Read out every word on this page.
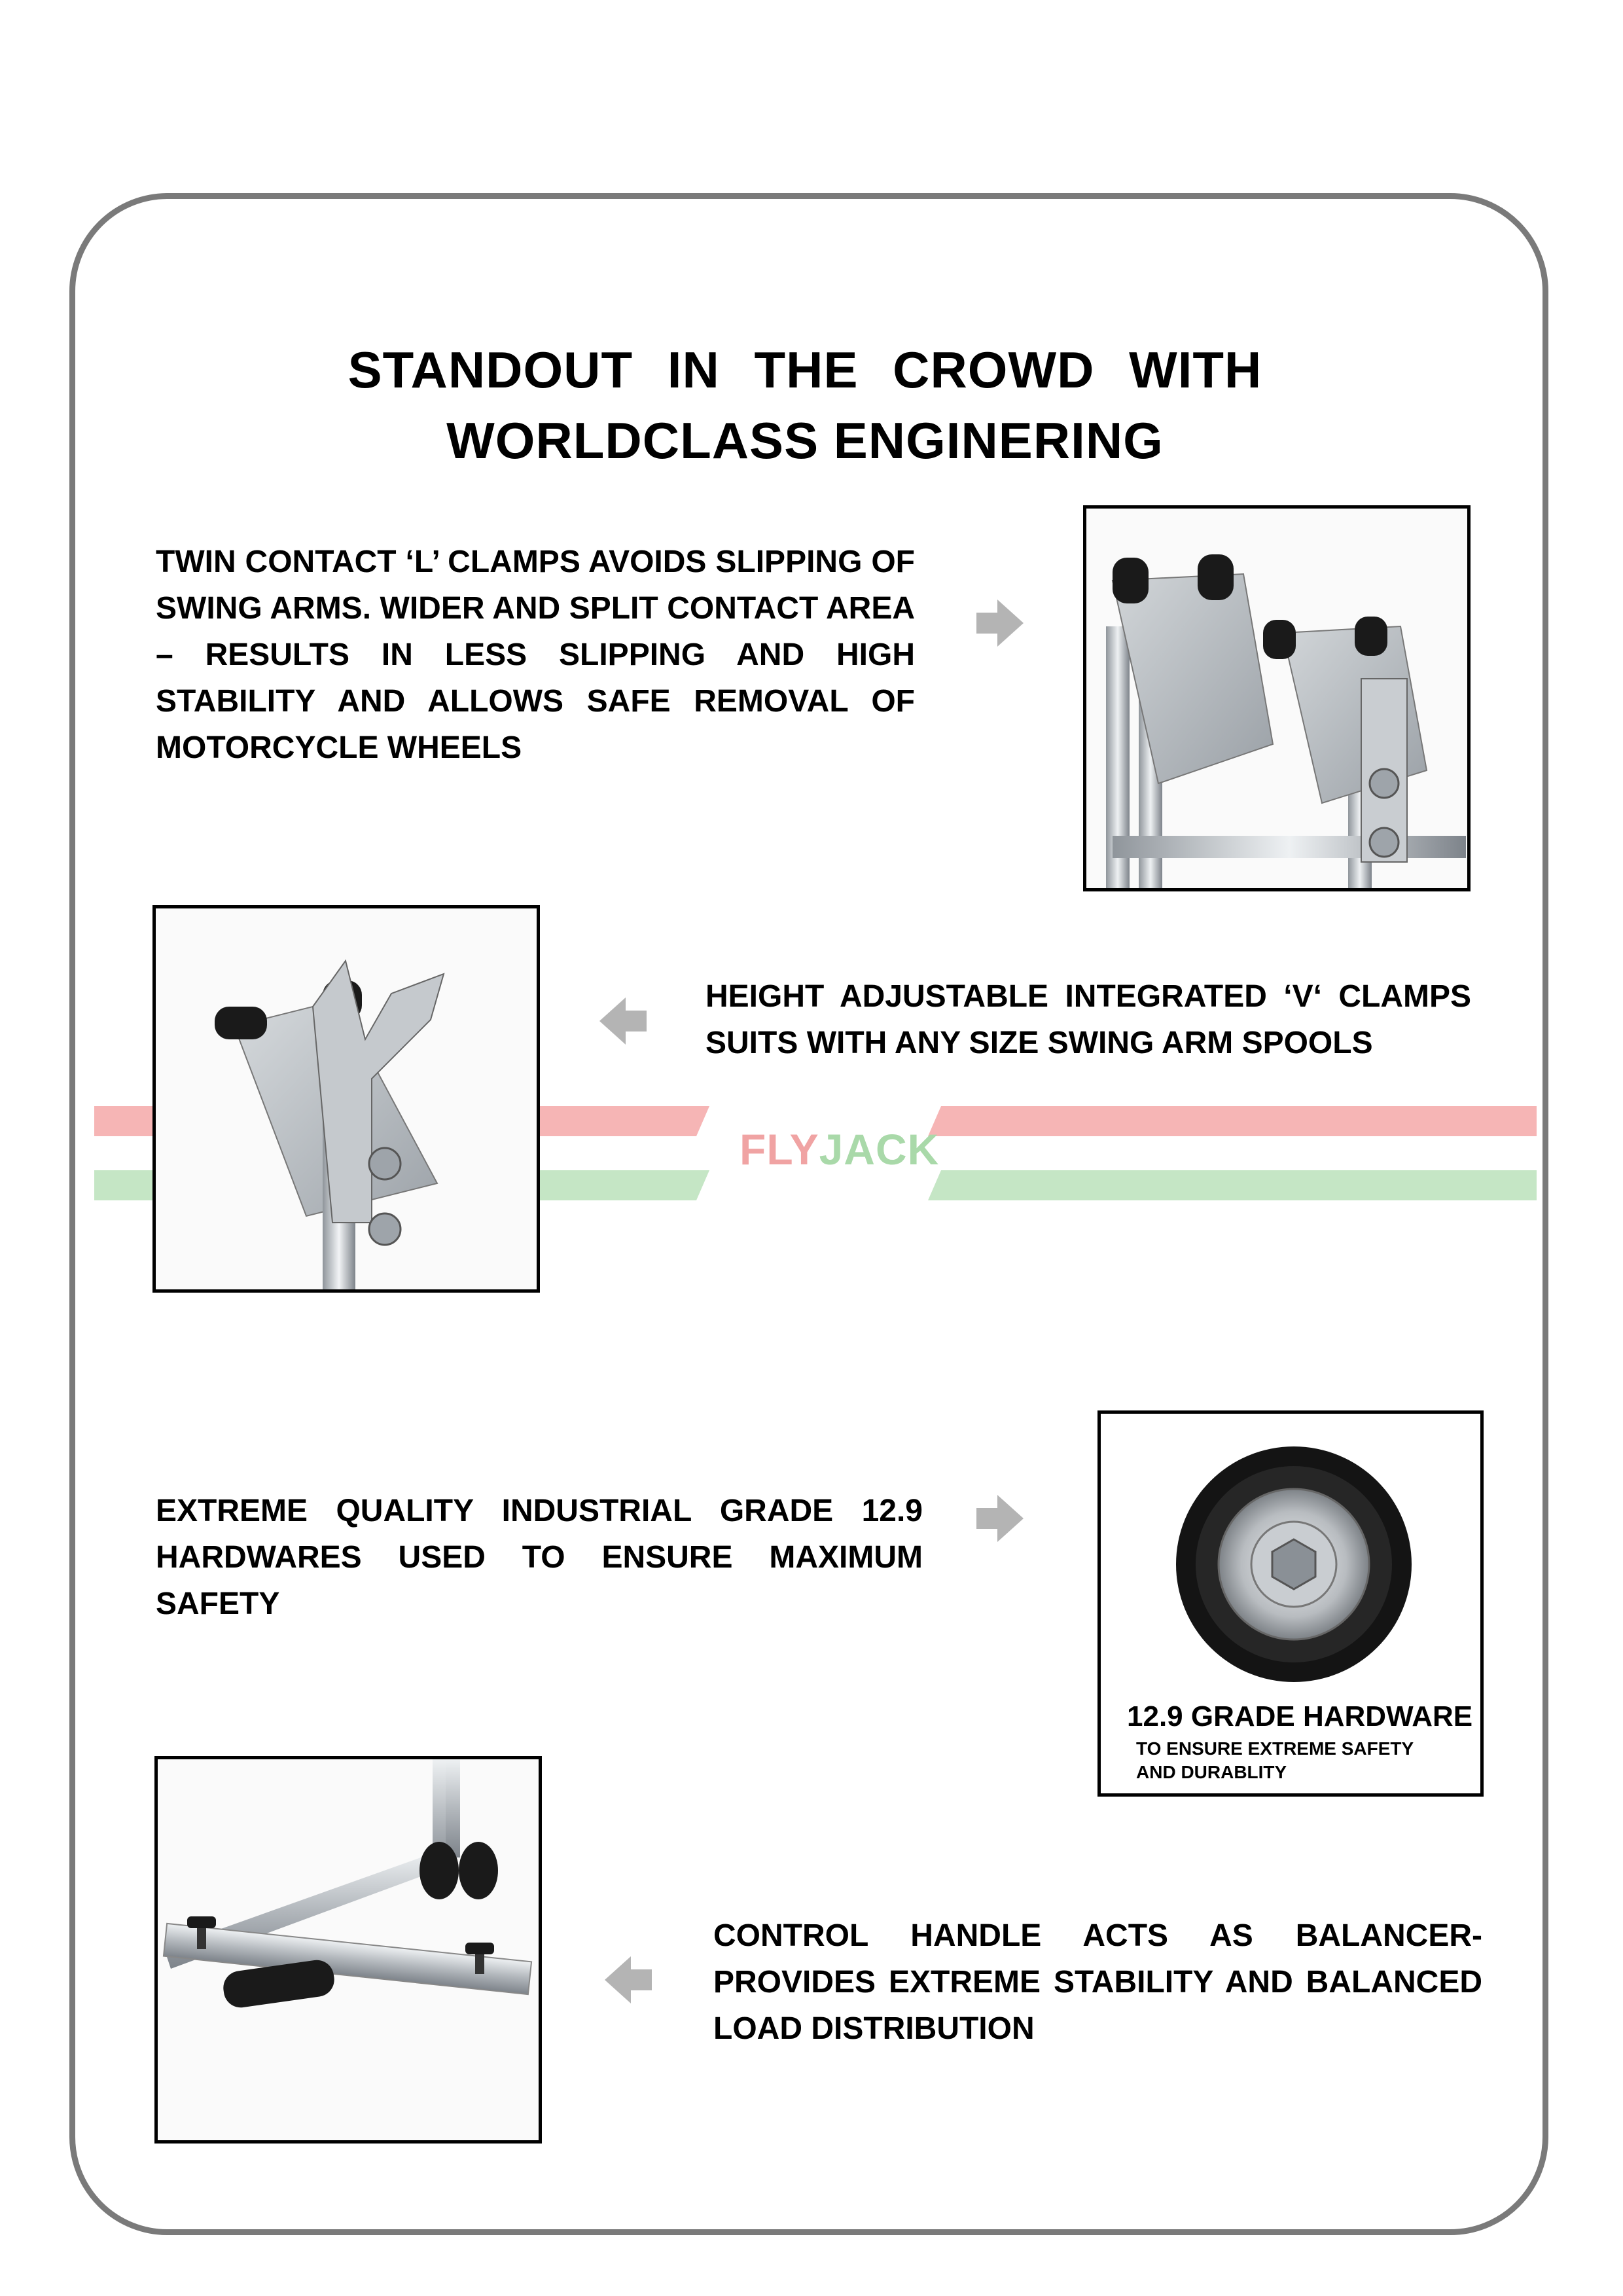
STANDOUT IN THE CROWD WITH
WORLDCLASS ENGINERING
FLYJACK

TWIN CONTACT ‘L’ CLAMPS AVOIDS SLIPPING OF SWING ARMS. WIDER AND SPLIT CONTACT AREA – RESULTS IN LESS SLIPPING AND HIGH STABILITY AND ALLOWS SAFE REMOVAL OF MOTORCYCLE WHEELS

HEIGHT ADJUSTABLE INTEGRATED ‘V‘ CLAMPS SUITS WITH ANY SIZE SWING ARM SPOOLS

EXTREME QUALITY INDUSTRIAL GRADE 12.9 HARDWARES USED TO ENSURE MAXIMUM SAFETY

12.9 GRADE HARDWARE
TO ENSURE EXTREME SAFETY
AND DURABLITY

CONTROL HANDLE ACTS AS BALANCER- PROVIDES EXTREME STABILITY AND BALANCED LOAD DISTRIBUTION
